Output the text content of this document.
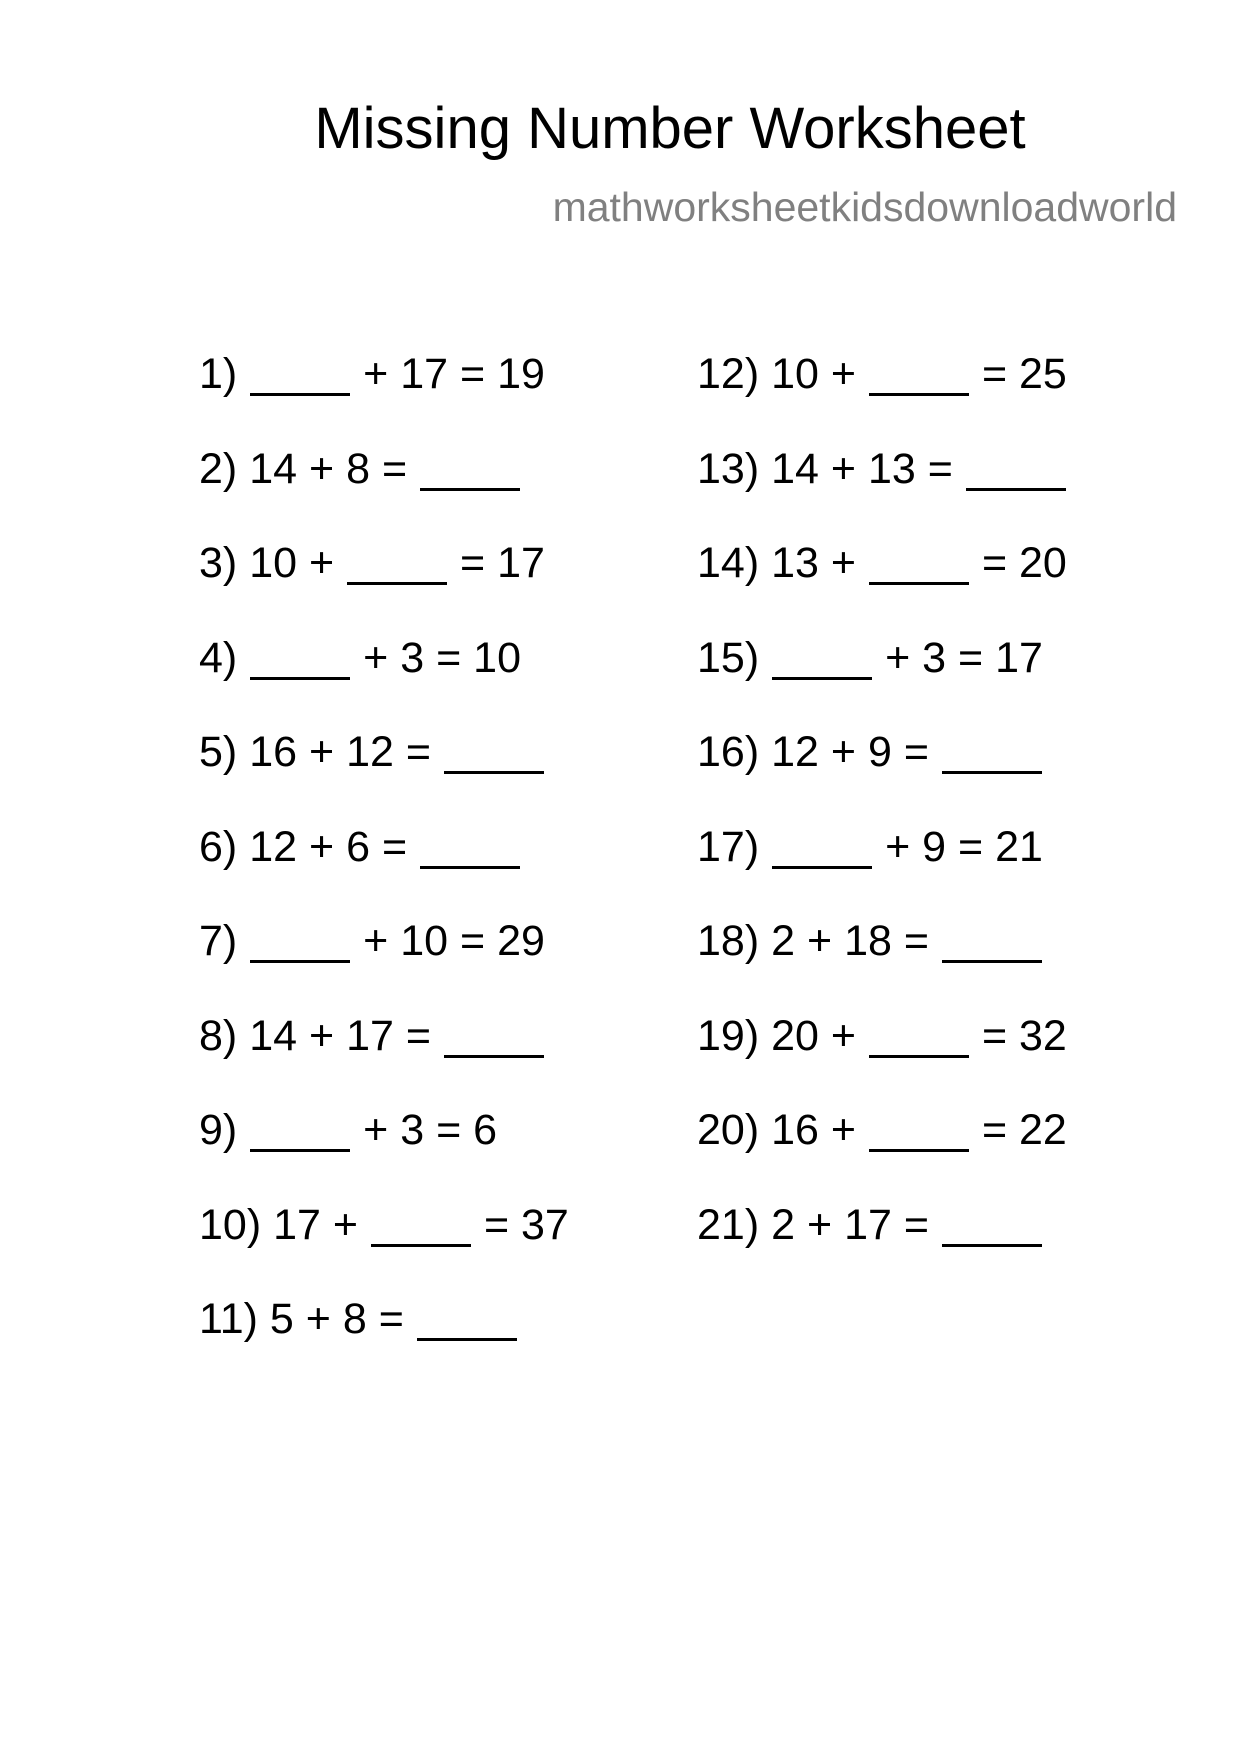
Missing Number Worksheet
mathworksheetkidsdownloadworld
1)	+ 17 = 19
2) 14 + 8 =
3) 10 +	= 17
4)	+ 3 = 10
5) 16 + 12 =
6) 12 + 6 =
7)	+ 10 = 29
8) 14 + 17 =
9)	+ 3 = 6
10) 17 +	= 37
11) 5 + 8 =
12) 10 +	= 25
13) 14 + 13 =
14) 13 +	= 20
15)	+ 3 = 17
16) 12 + 9 =
17)	+ 9 = 21
18) 2 + 18 =
19) 20 +	= 32
20) 16 +	= 22
21) 2 + 17 =
